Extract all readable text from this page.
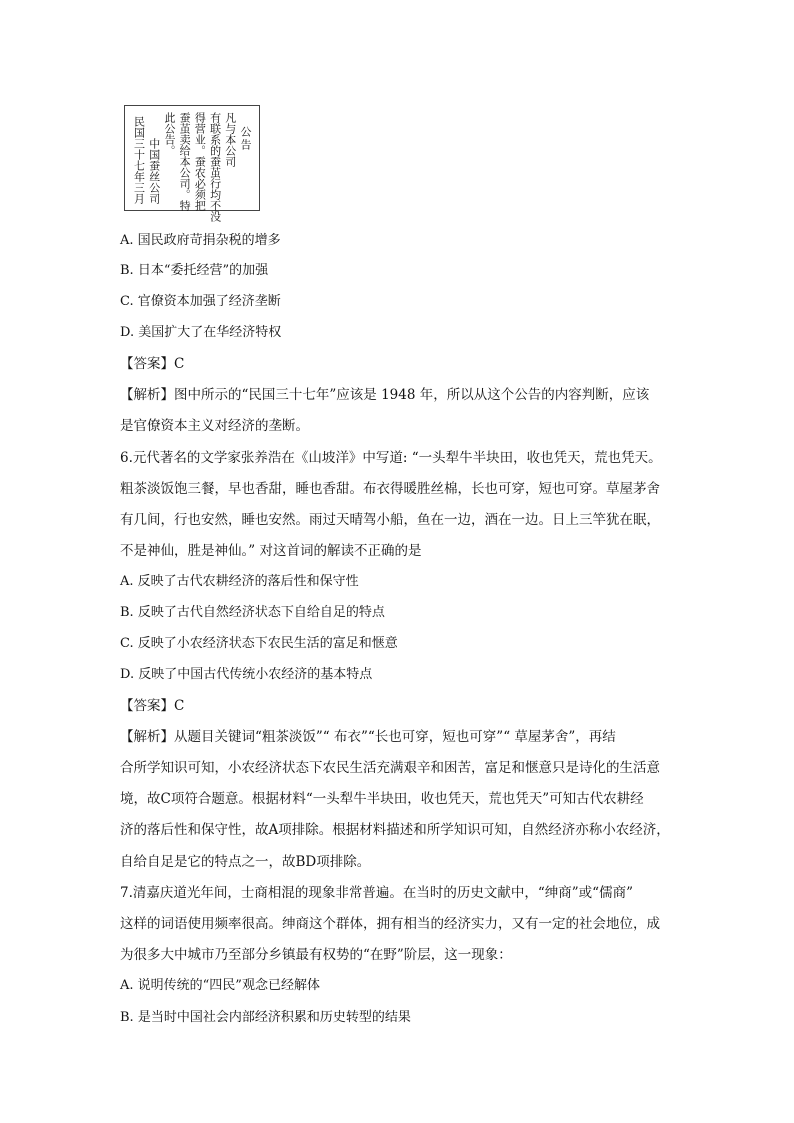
公告
凡与本公司
有联系的蚕茧行均不没
得营业。蚕农必须把
蚕茧卖给本公司。特
此公告。
中国蚕丝公司
民国三十七年三月
A. 国民政府苛捐杂税的增多
B. 日本“委托经营”的加强
C. 官僚资本加强了经济垄断
D. 美国扩大了在华经济特权
【答案】C
【解析】图中所示的“民国三十七年”应该是 1948 年，所以从这个公告的内容判断，应该
是官僚资本主义对经济的垄断。
6.元代著名的文学家张养浩在《山坡洋》中写道: “一头犁牛半块田，收也凭天，荒也凭天。
粗茶淡饭饱三餐，早也香甜，睡也香甜。布衣得暖胜丝棉，长也可穿，短也可穿。草屋茅舍
有几间，行也安然，睡也安然。雨过天晴驾小船，鱼在一边，酒在一边。日上三竿犹在眠，
不是神仙，胜是神仙。” 对这首词的解读不正确的是
A. 反映了古代农耕经济的落后性和保守性
B. 反映了古代自然经济状态下自给自足的特点
C. 反映了小农经济状态下农民生活的富足和惬意
D. 反映了中国古代传统小农经济的基本特点
【答案】C
【解析】从题目关键词“粗茶淡饭”“ 布衣”“长也可穿，短也可穿”“ 草屋茅舍”，再结
合所学知识可知，小农经济状态下农民生活充满艰辛和困苦，富足和惬意只是诗化的生活意
境，故C项符合题意。根据材料“一头犁牛半块田，收也凭天，荒也凭天”可知古代农耕经
济的落后性和保守性，故A项排除。根据材料描述和所学知识可知，自然经济亦称小农经济，
自给自足是它的特点之一，故BD项排除。
7.清嘉庆道光年间，士商相混的现象非常普遍。在当时的历史文献中，“绅商”或“儒商”
这样的词语使用频率很高。绅商这个群体，拥有相当的经济实力，又有一定的社会地位，成
为很多大中城市乃至部分乡镇最有权势的“在野”阶层，这一现象：
A. 说明传统的“四民”观念已经解体
B. 是当时中国社会内部经济积累和历史转型的结果
